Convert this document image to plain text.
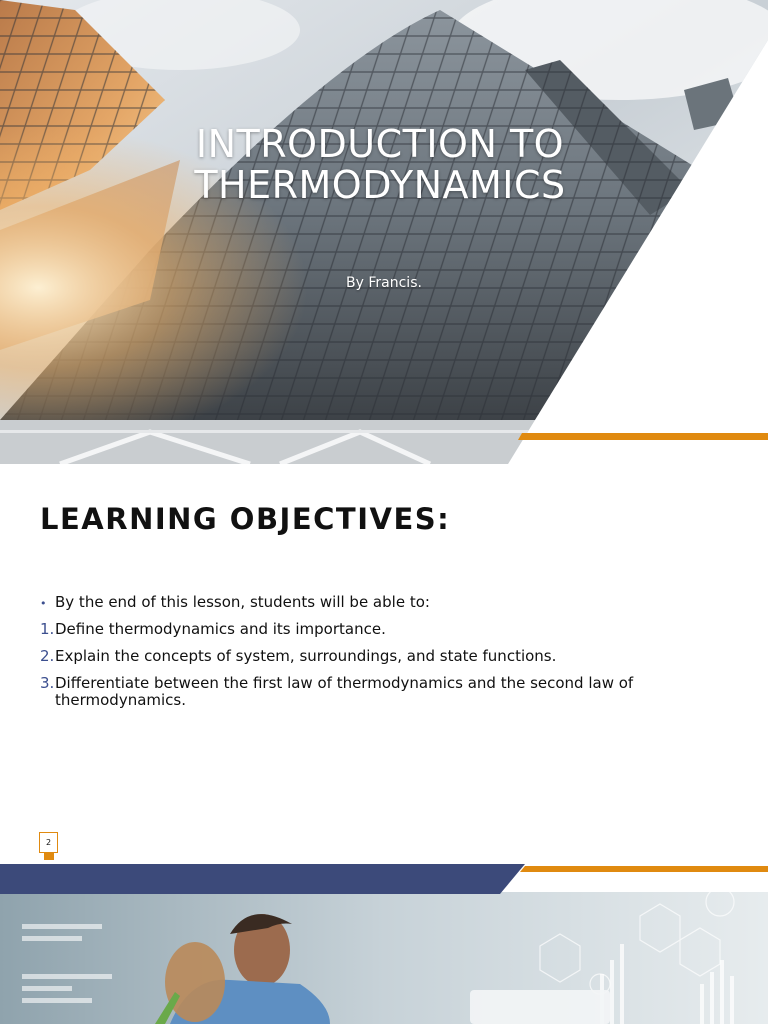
INTRODUCTION TO
THERMODYNAMICS
By Francis.
LEARNING OBJECTIVES:
• By the end of this lesson, students will be able to:
1. Define thermodynamics and its importance.
2. Explain the concepts of system, surroundings, and state functions.
3. Differentiate between the first law of thermodynamics and the second law of thermodynamics.
2
